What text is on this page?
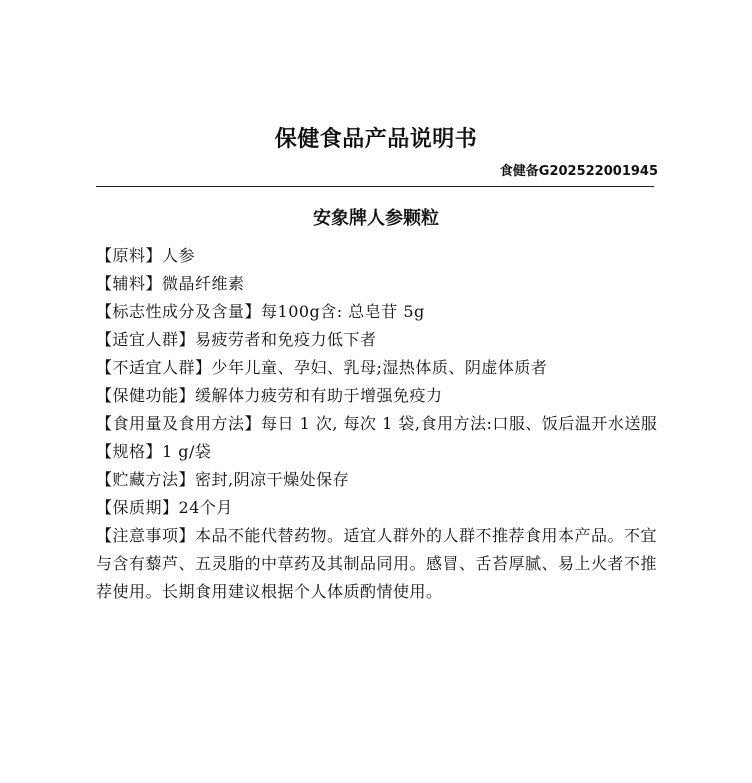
保健食品产品说明书
食健备G202522001945
安象牌人参颗粒

【原料】人参

【辅料】微晶纤维素

【标志性成分及含量】每100g含: 总皂苷 5g

【适宜人群】易疲劳者和免疫力低下者

【不适宜人群】少年儿童、孕妇、乳母;湿热体质、阴虚体质者

【保健功能】缓解体力疲劳和有助于增强免疫力

【食用量及食用方法】每日 1 次, 每次 1 袋,食用方法:口服、饭后温开水送服

【规格】1 g/袋

【贮藏方法】密封,阴凉干燥处保存

【保质期】24个月

【注意事项】本品不能代替药物。适宜人群外的人群不推荐食用本产品。不宜与含有藜芦、五灵脂的中草药及其制品同用。感冒、舌苔厚腻、易上火者不推荐使用。长期食用建议根据个人体质酌情使用。
